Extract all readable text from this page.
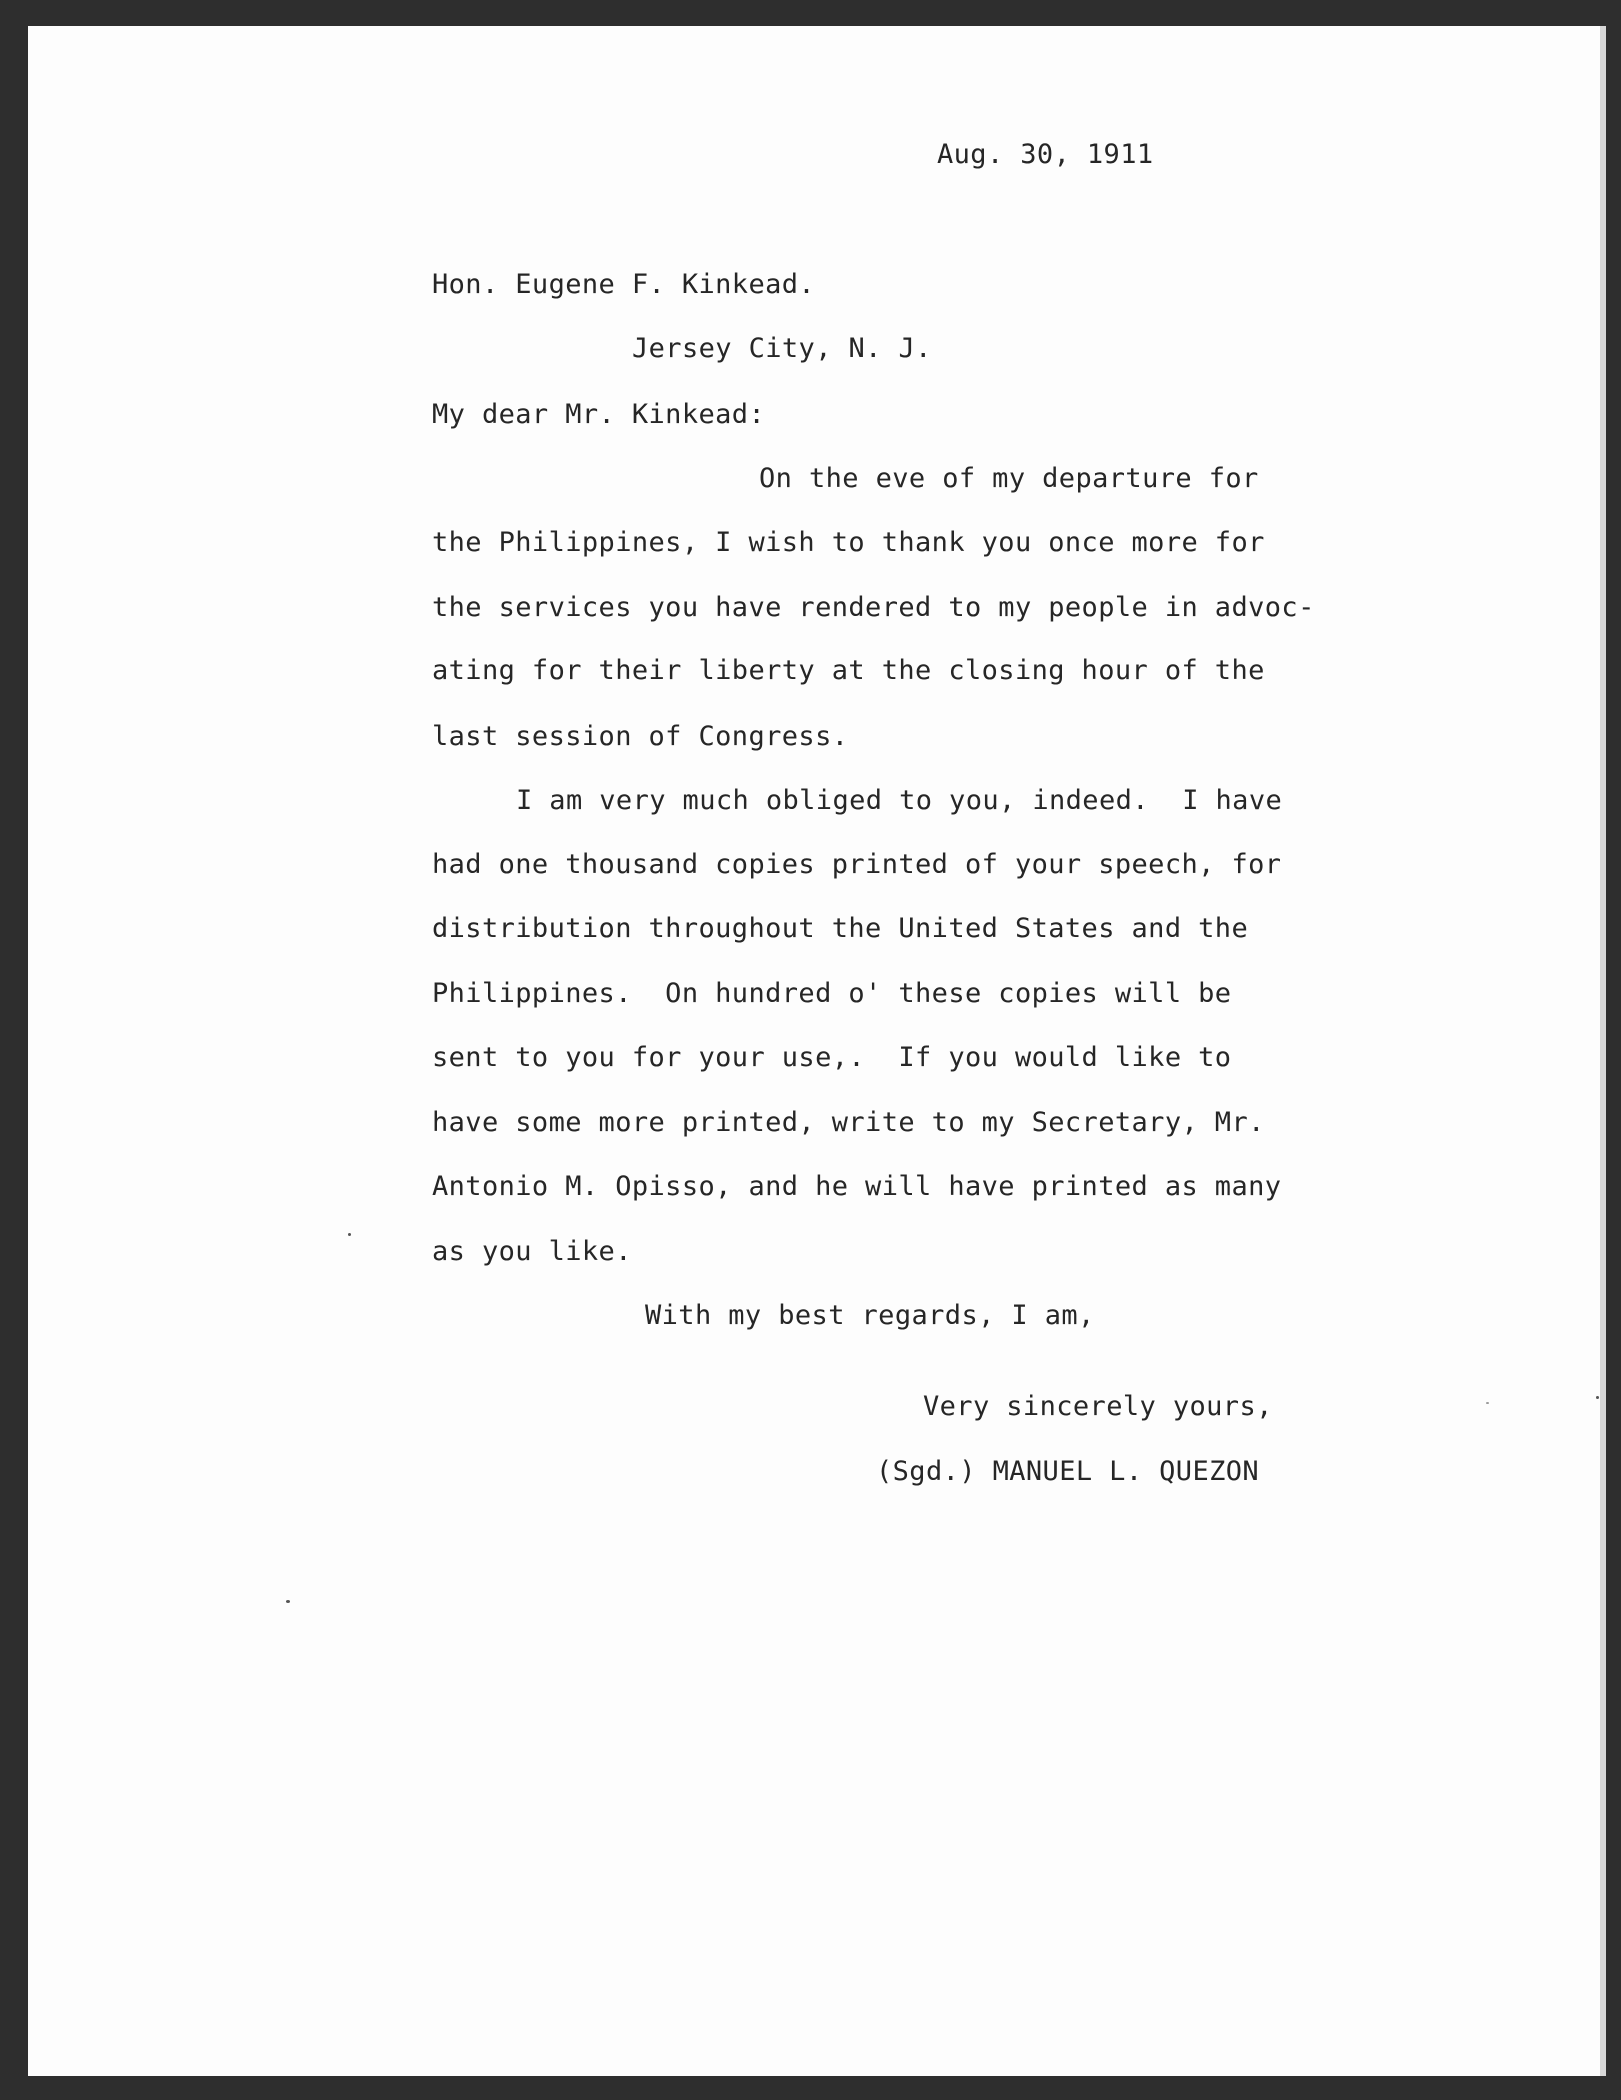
Aug. 30, 1911

Hon. Eugene F. Kinkead.

Jersey City, N. J.

My dear Mr. Kinkead:

On the eve of my departure for

the Philippines, I wish to thank you once more for

the services you have rendered to my people in advoc-

ating for their liberty at the closing hour of the

last session of Congress.

I am very much obliged to you, indeed.  I have

had one thousand copies printed of your speech, for

distribution throughout the United States and the

Philippines.  On hundred o' these copies will be

sent to you for your use,.  If you would like to

have some more printed, write to my Secretary, Mr.

Antonio M. Opisso, and he will have printed as many

as you like.

With my best regards, I am,

Very sincerely yours,

(Sgd.) MANUEL L. QUEZON
